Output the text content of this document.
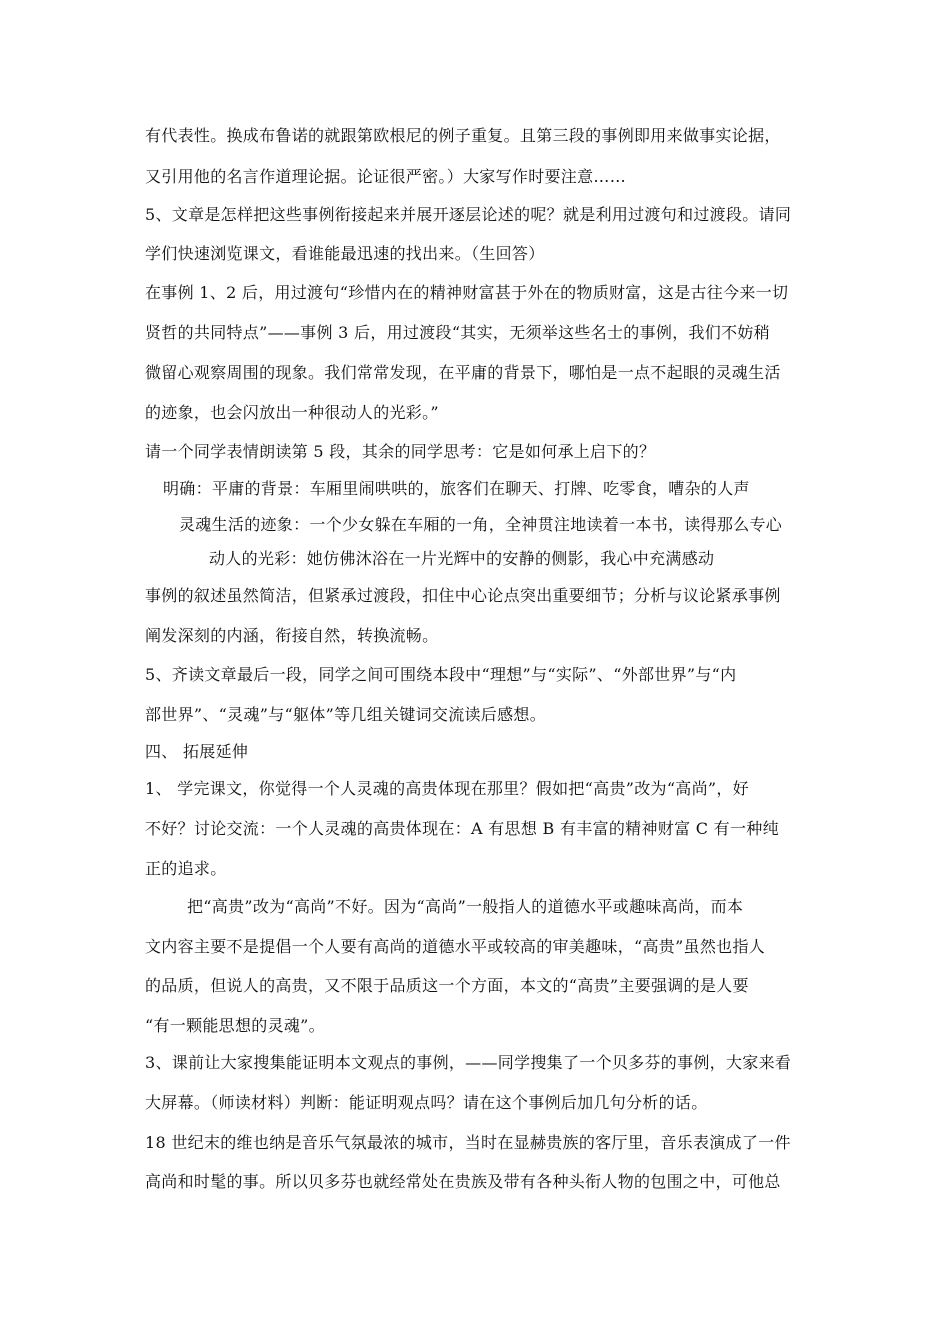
有代表性。换成布鲁诺的就跟第欧根尼的例子重复。且第三段的事例即用来做事实论据，
又引用他的名言作道理论据。论证很严密。）大家写作时要注意……
5、文章是怎样把这些事例衔接起来并展开逐层论述的呢？就是利用过渡句和过渡段。请同
学们快速浏览课文，看谁能最迅速的找出来。（生回答）
在事例 1、2 后，用过渡句“珍惜内在的精神财富甚于外在的物质财富，这是古往今来一切
贤哲的共同特点”——事例 3 后，用过渡段“其实，无须举这些名士的事例，我们不妨稍
微留心观察周围的现象。我们常常发现，在平庸的背景下，哪怕是一点不起眼的灵魂生活
的迹象，也会闪放出一种很动人的光彩。”
请一个同学表情朗读第 5 段，其余的同学思考：它是如何承上启下的？
明确：平庸的背景：车厢里闹哄哄的，旅客们在聊天、打牌、吃零食，嘈杂的人声
灵魂生活的迹象：一个少女躲在车厢的一角，全神贯注地读着一本书，读得那么专心
动人的光彩：她仿佛沐浴在一片光辉中的安静的侧影，我心中充满感动
事例的叙述虽然简洁，但紧承过渡段，扣住中心论点突出重要细节；分析与议论紧承事例
阐发深刻的内涵，衔接自然，转换流畅。
5、齐读文章最后一段，同学之间可围绕本段中“理想”与“实际”、“外部世界”与“内
部世界”、“灵魂”与“躯体”等几组关键词交流读后感想。
四、 拓展延伸
1、 学完课文，你觉得一个人灵魂的高贵体现在那里？假如把“高贵”改为“高尚”，好
不好？讨论交流：一个人灵魂的高贵体现在：A 有思想 B 有丰富的精神财富 C 有一种纯
正的追求。
把“高贵”改为“高尚”不好。因为“高尚”一般指人的道德水平或趣味高尚，而本
文内容主要不是提倡一个人要有高尚的道德水平或较高的审美趣味，“高贵”虽然也指人
的品质，但说人的高贵，又不限于品质这一个方面，本文的“高贵”主要强调的是人要
“有一颗能思想的灵魂”。
3、课前让大家搜集能证明本文观点的事例，——同学搜集了一个贝多芬的事例，大家来看
大屏幕。（师读材料）判断：能证明观点吗？请在这个事例后加几句分析的话。
18 世纪末的维也纳是音乐气氛最浓的城市，当时在显赫贵族的客厅里，音乐表演成了一件
高尚和时髦的事。所以贝多芬也就经常处在贵族及带有各种头衔人物的包围之中，可他总
